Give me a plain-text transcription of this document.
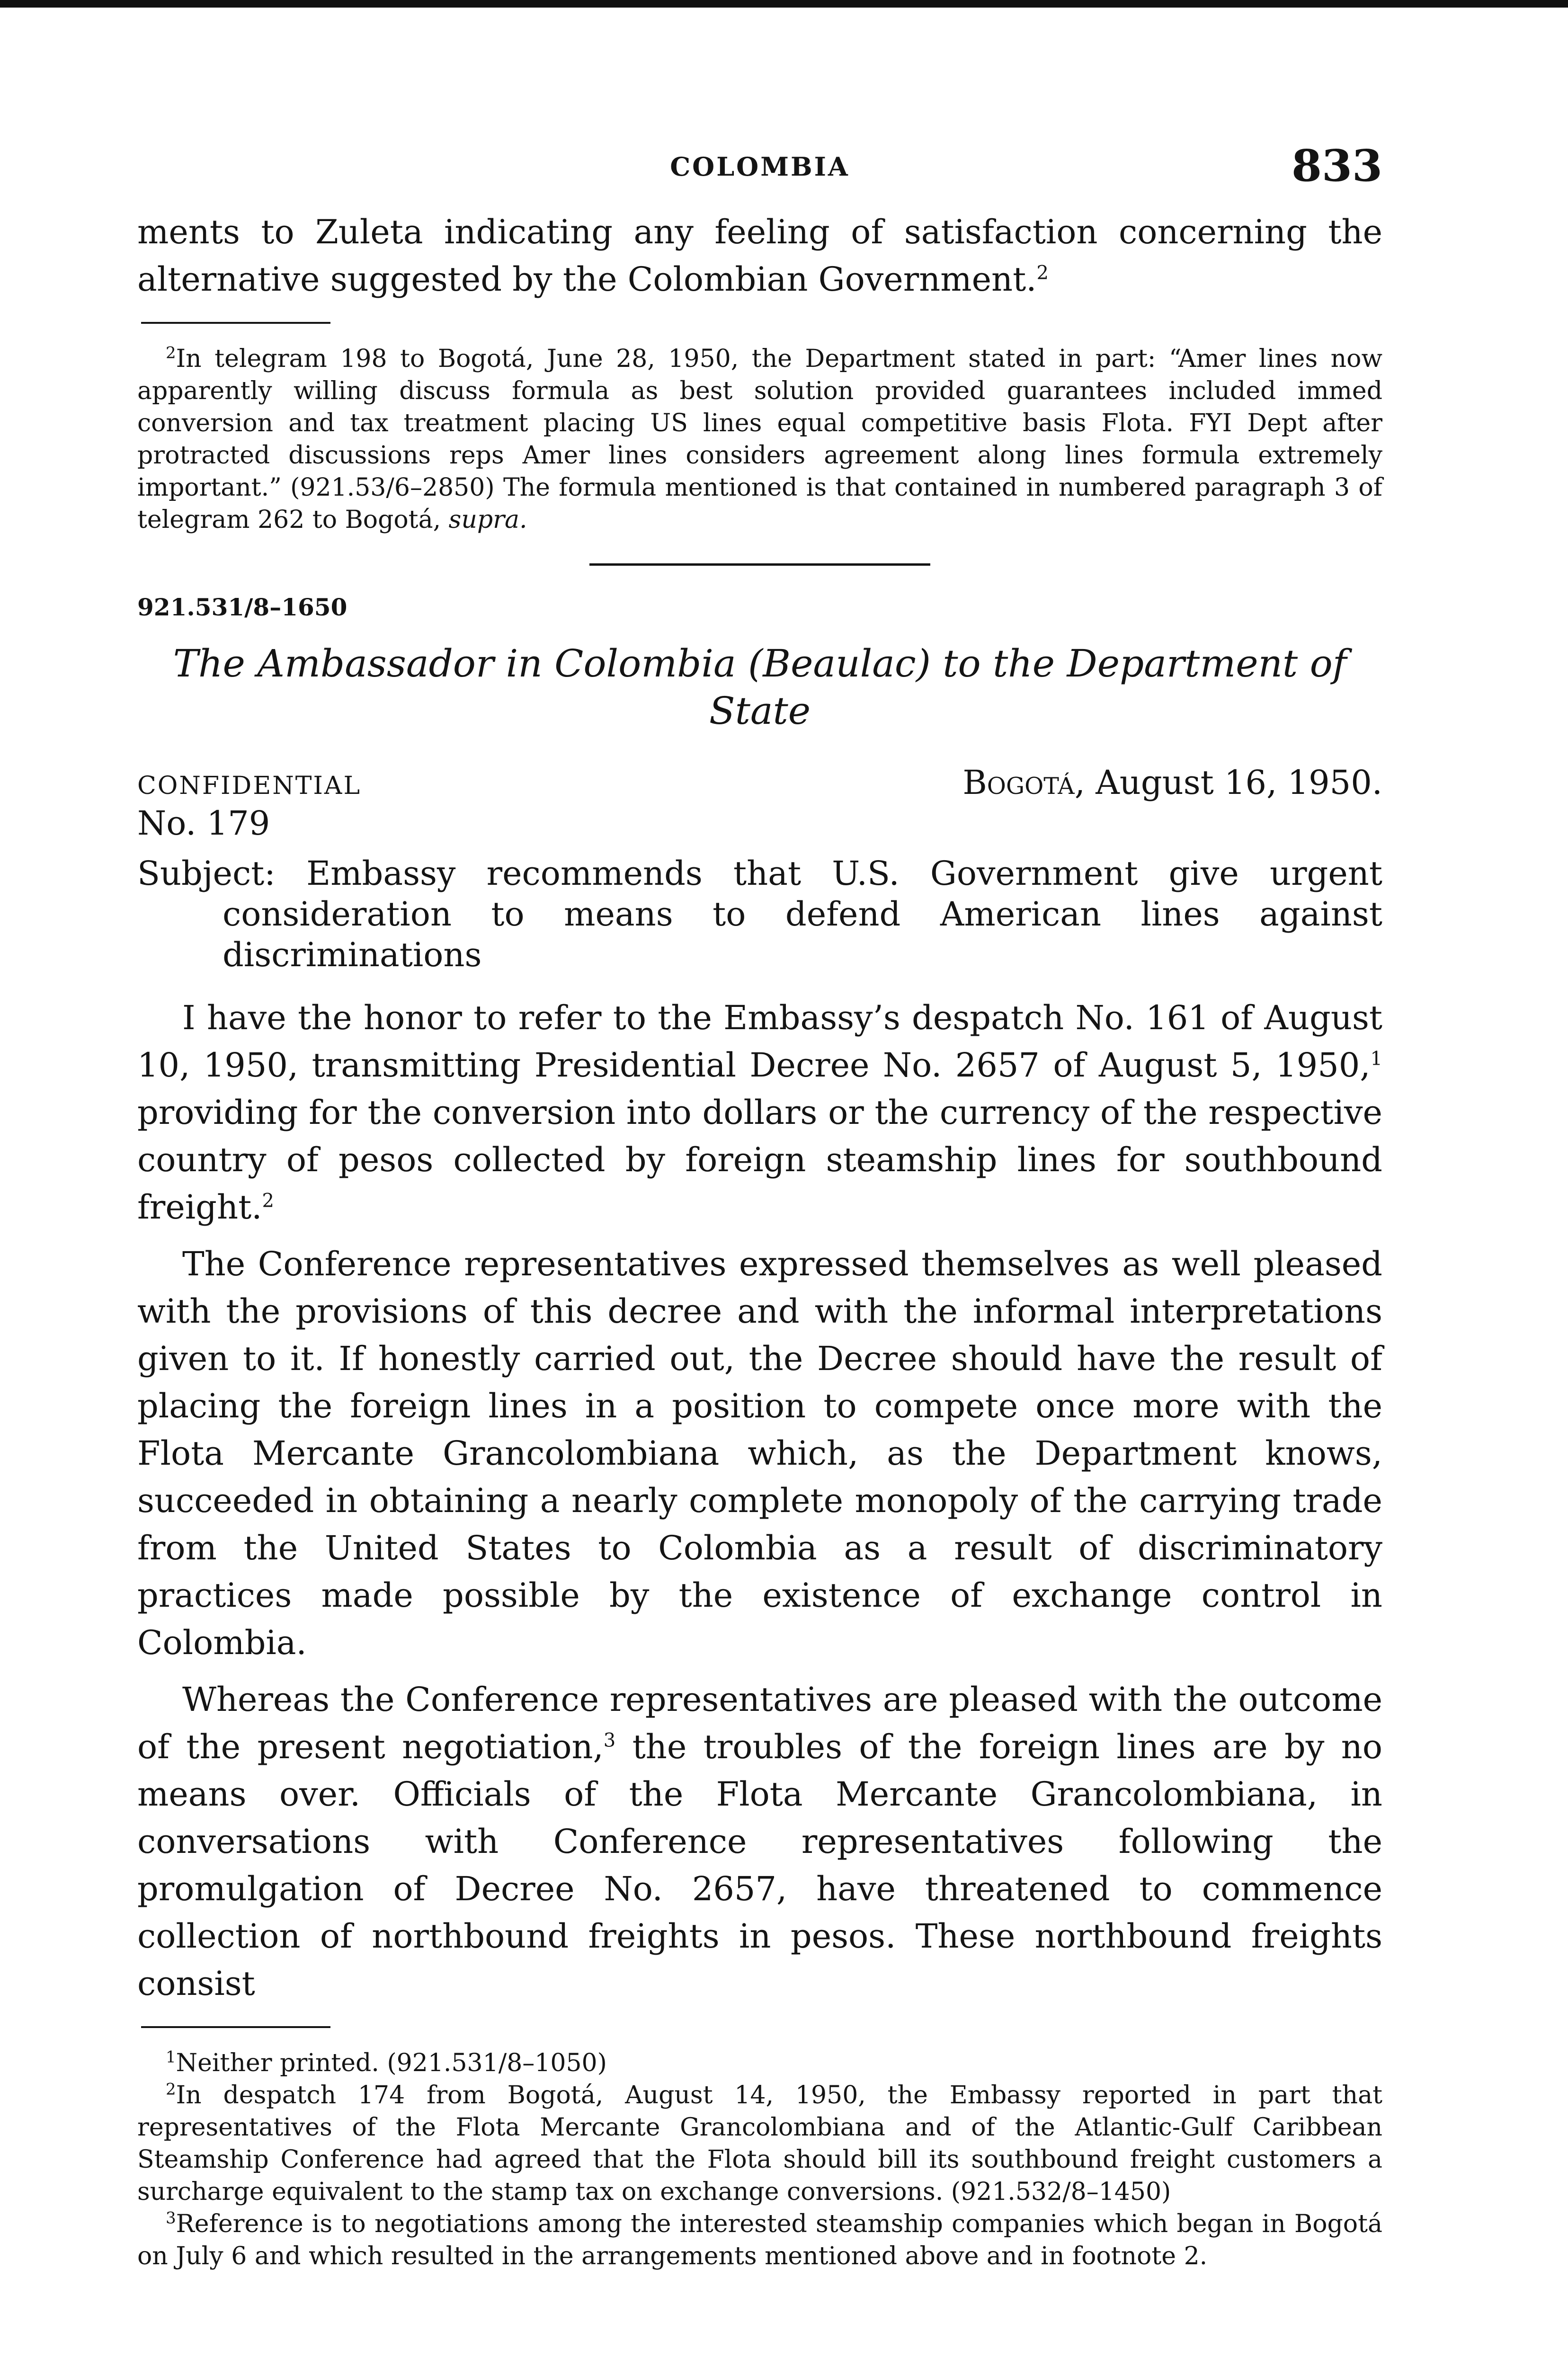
COLOMBIA	833

ments to Zuleta indicating any feeling of satisfaction concerning the alternative suggested by the Colombian Government.$^2$

$^2$In telegram 198 to Bogotá, June 28, 1950, the Department stated in part: “Amer lines now apparently willing discuss formula as best solution provided guarantees included immed conversion and tax treatment placing US lines equal competitive basis Flota. FYI Dept after protracted discussions reps Amer lines considers agreement along lines formula extremely important.” (921.53/6–2850) The formula mentioned is that contained in numbered paragraph 3 of telegram 262 to Bogotá, supra.

921.531/8–1650
The Ambassador in Colombia (Beaulac) to the Department of State
CONFIDENTIAL	Bogotá, August 16, 1950.
No. 179

Subject: Embassy recommends that U.S. Government give urgent consideration to means to defend American lines against discriminations

I have the honor to refer to the Embassy’s despatch No. 161 of August 10, 1950, transmitting Presidential Decree No. 2657 of August 5, 1950,$^1$ providing for the conversion into dollars or the currency of the respective country of pesos collected by foreign steamship lines for southbound freight.$^2$

The Conference representatives expressed themselves as well pleased with the provisions of this decree and with the informal interpretations given to it. If honestly carried out, the Decree should have the result of placing the foreign lines in a position to compete once more with the Flota Mercante Grancolombiana which, as the Department knows, succeeded in obtaining a nearly complete monopoly of the carrying trade from the United States to Colombia as a result of discriminatory practices made possible by the existence of exchange control in Colombia.

Whereas the Conference representatives are pleased with the outcome of the present negotiation,$^3$ the troubles of the foreign lines are by no means over. Officials of the Flota Mercante Grancolombiana, in conversations with Conference representatives following the promulgation of Decree No. 2657, have threatened to commence collection of northbound freights in pesos. These northbound freights consist

$^1$Neither printed. (921.531/8–1050)

$^2$In despatch 174 from Bogotá, August 14, 1950, the Embassy reported in part that representatives of the Flota Mercante Grancolombiana and of the Atlantic-Gulf Caribbean Steamship Conference had agreed that the Flota should bill its southbound freight customers a surcharge equivalent to the stamp tax on exchange conversions. (921.532/8–1450)

$^3$Reference is to negotiations among the interested steamship companies which began in Bogotá on July 6 and which resulted in the arrangements mentioned above and in footnote 2.
